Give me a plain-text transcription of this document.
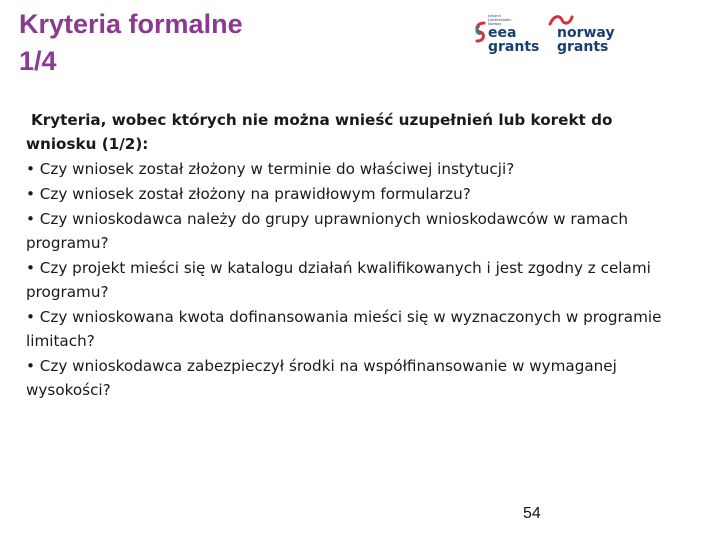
Kryteria formalne
1/4
Iceland
Liechtenstein
Norway
eea
grants
norway
grants

Kryteria, wobec których nie można wnieść uzupełnień lub korekt do wniosku (1/2):

• Czy wniosek został złożony w terminie do właściwej instytucji?

• Czy wniosek został złożony na prawidłowym formularzu?

• Czy wnioskodawca należy do grupy uprawnionych wnioskodawców w ramach programu?

• Czy projekt mieści się w katalogu działań kwalifikowanych i jest zgodny z celami programu?

• Czy wnioskowana kwota dofinansowania mieści się w wyznaczonych w programie limitach?

• Czy wnioskodawca zabezpieczył środki na współfinansowanie w wymaganej wysokości?

54
